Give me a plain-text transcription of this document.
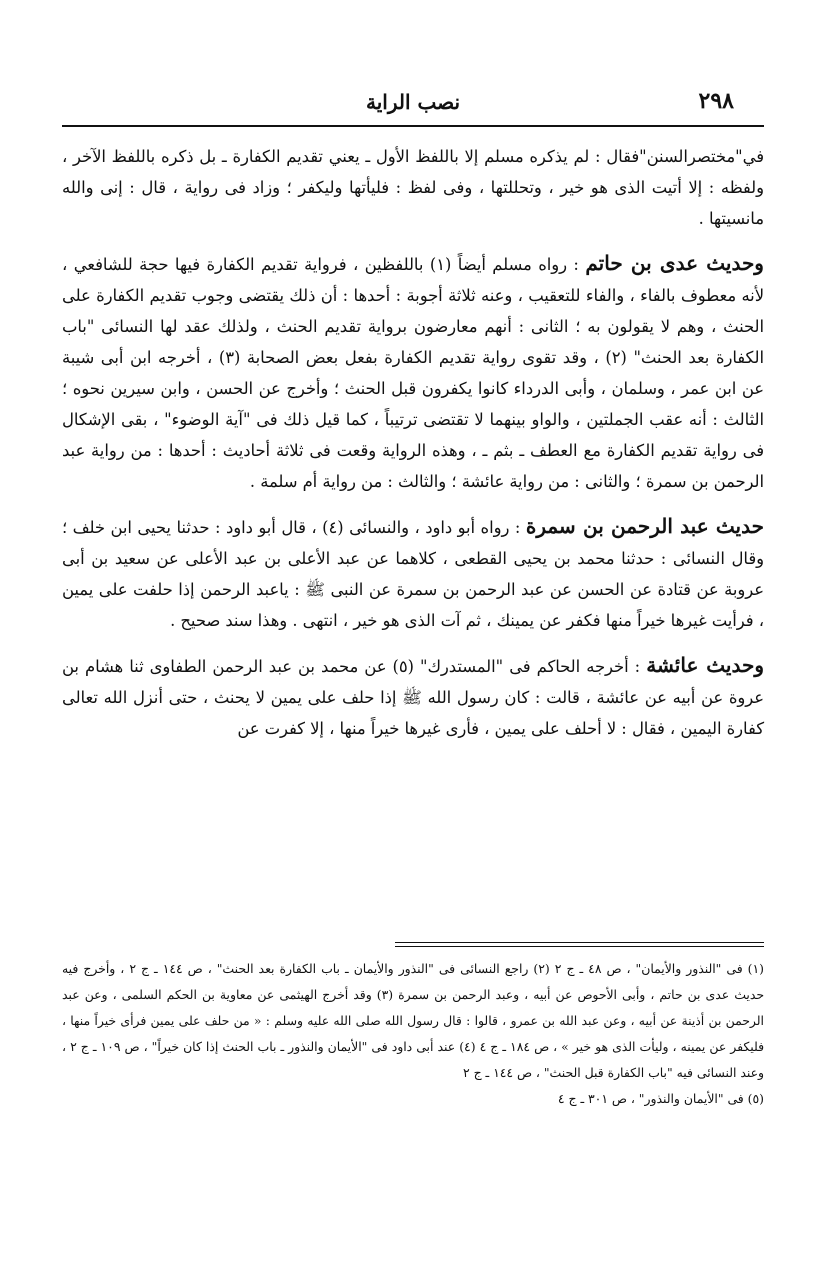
٢٩٨
نصب الراية

في"مختصرالسنن"فقال : لم يذكره مسلم إلا باللفظ الأول ـ يعني تقديم الكفارة ـ بل ذكره باللفظ الآخر ، ولفظه : إلا أتيت الذى هو خير ، وتحللتها ، وفى لفظ : فليأتها وليكفر ؛ وزاد فى رواية ، قال : إنى والله مانسيتها .

وحديث عدى بن حاتم : رواه مسلم أيضاً (١) باللفظين ، فرواية تقديم الكفارة فيها حجة للشافعي ، لأنه معطوف بالفاء ، والفاء للتعقيب ، وعنه ثلاثة أجوبة : أحدها : أن ذلك يقتضى وجوب تقديم الكفارة على الحنث ، وهم لا يقولون به ؛ الثانى : أنهم معارضون برواية تقديم الحنث ، ولذلك عقد لها النسائى "باب الكفارة بعد الحنث" (٢) ، وقد تقوى رواية تقديم الكفارة بفعل بعض الصحابة (٣) ، أخرجه ابن أبى شيبة عن ابن عمر ، وسلمان ، وأبى الدرداء كانوا يكفرون قبل الحنث ؛ وأخرج عن الحسن ، وابن سيرين نحوه ؛ الثالث : أنه عقب الجملتين ، والواو بينهما لا تقتضى ترتيباً ، كما قيل ذلك فى "آية الوضوء" ، بقى الإشكال فى رواية تقديم الكفارة مع العطف ـ بثم ـ ، وهذه الرواية وقعت فى ثلاثة أحاديث : أحدها : من رواية عبد الرحمن بن سمرة ؛ والثانى : من رواية عائشة ؛ والثالث : من رواية أم سلمة .

حديث عبد الرحمن بن سمرة : رواه أبو داود ، والنسائى (٤) ، قال أبو داود : حدثنا يحيى ابن خلف ؛ وقال النسائى : حدثنا محمد بن يحيى القطعى ، كلاهما عن عبد الأعلى بن عبد الأعلى عن سعيد بن أبى عروبة عن قتادة عن الحسن عن عبد الرحمن بن سمرة عن النبى ﷺ : ياعبد الرحمن إذا حلفت على يمين ، فرأيت غيرها خيراً منها فكفر عن يمينك ، ثم آت الذى هو خير ، انتهى . وهذا سند صحيح .

وحديث عائشة : أخرجه الحاكم فى "المستدرك" (٥) عن محمد بن عبد الرحمن الطفاوى ثنا هشام بن عروة عن أبيه عن عائشة ، قالت : كان رسول الله ﷺ إذا حلف على يمين لا يحنث ، حتى أنزل الله تعالى كفارة اليمين ، فقال : لا أحلف على يمين ، فأرى غيرها خيراً منها ، إلا كفرت عن

(١) فى "النذور والأيمان" ، ص ٤٨ ـ ج ٢ (٢) راجع النسائى فى "النذور والأيمان ـ باب الكفارة بعد الحنث" ، ص ١٤٤ ـ ج ٢ ، وأخرج فيه حديث عدى بن حاتم ، وأبى الأحوص عن أبيه ، وعبد الرحمن بن سمرة (٣) وقد أخرج الهيثمى عن معاوية بن الحكم السلمى ، وعن عبد الرحمن بن أذينة عن أبيه ، وعن عبد الله بن عمرو ، قالوا : قال رسول الله صلى الله عليه وسلم : « من حلف على يمين فرأى خيراً منها ، فليكفر عن يمينه ، وليأت الذى هو خير » ، ص ١٨٤ ـ ج ٤ (٤) عند أبى داود فى "الأيمان والنذور ـ باب الحنث إذا كان خيراً" ، ص ١٠٩ ـ ج ٢ ، وعند النسائى فيه "باب الكفارة قبل الحنث" ، ص ١٤٤ ـ ج ٢

(٥) فى "الأيمان والنذور" ، ص ٣٠١ ـ ج ٤
